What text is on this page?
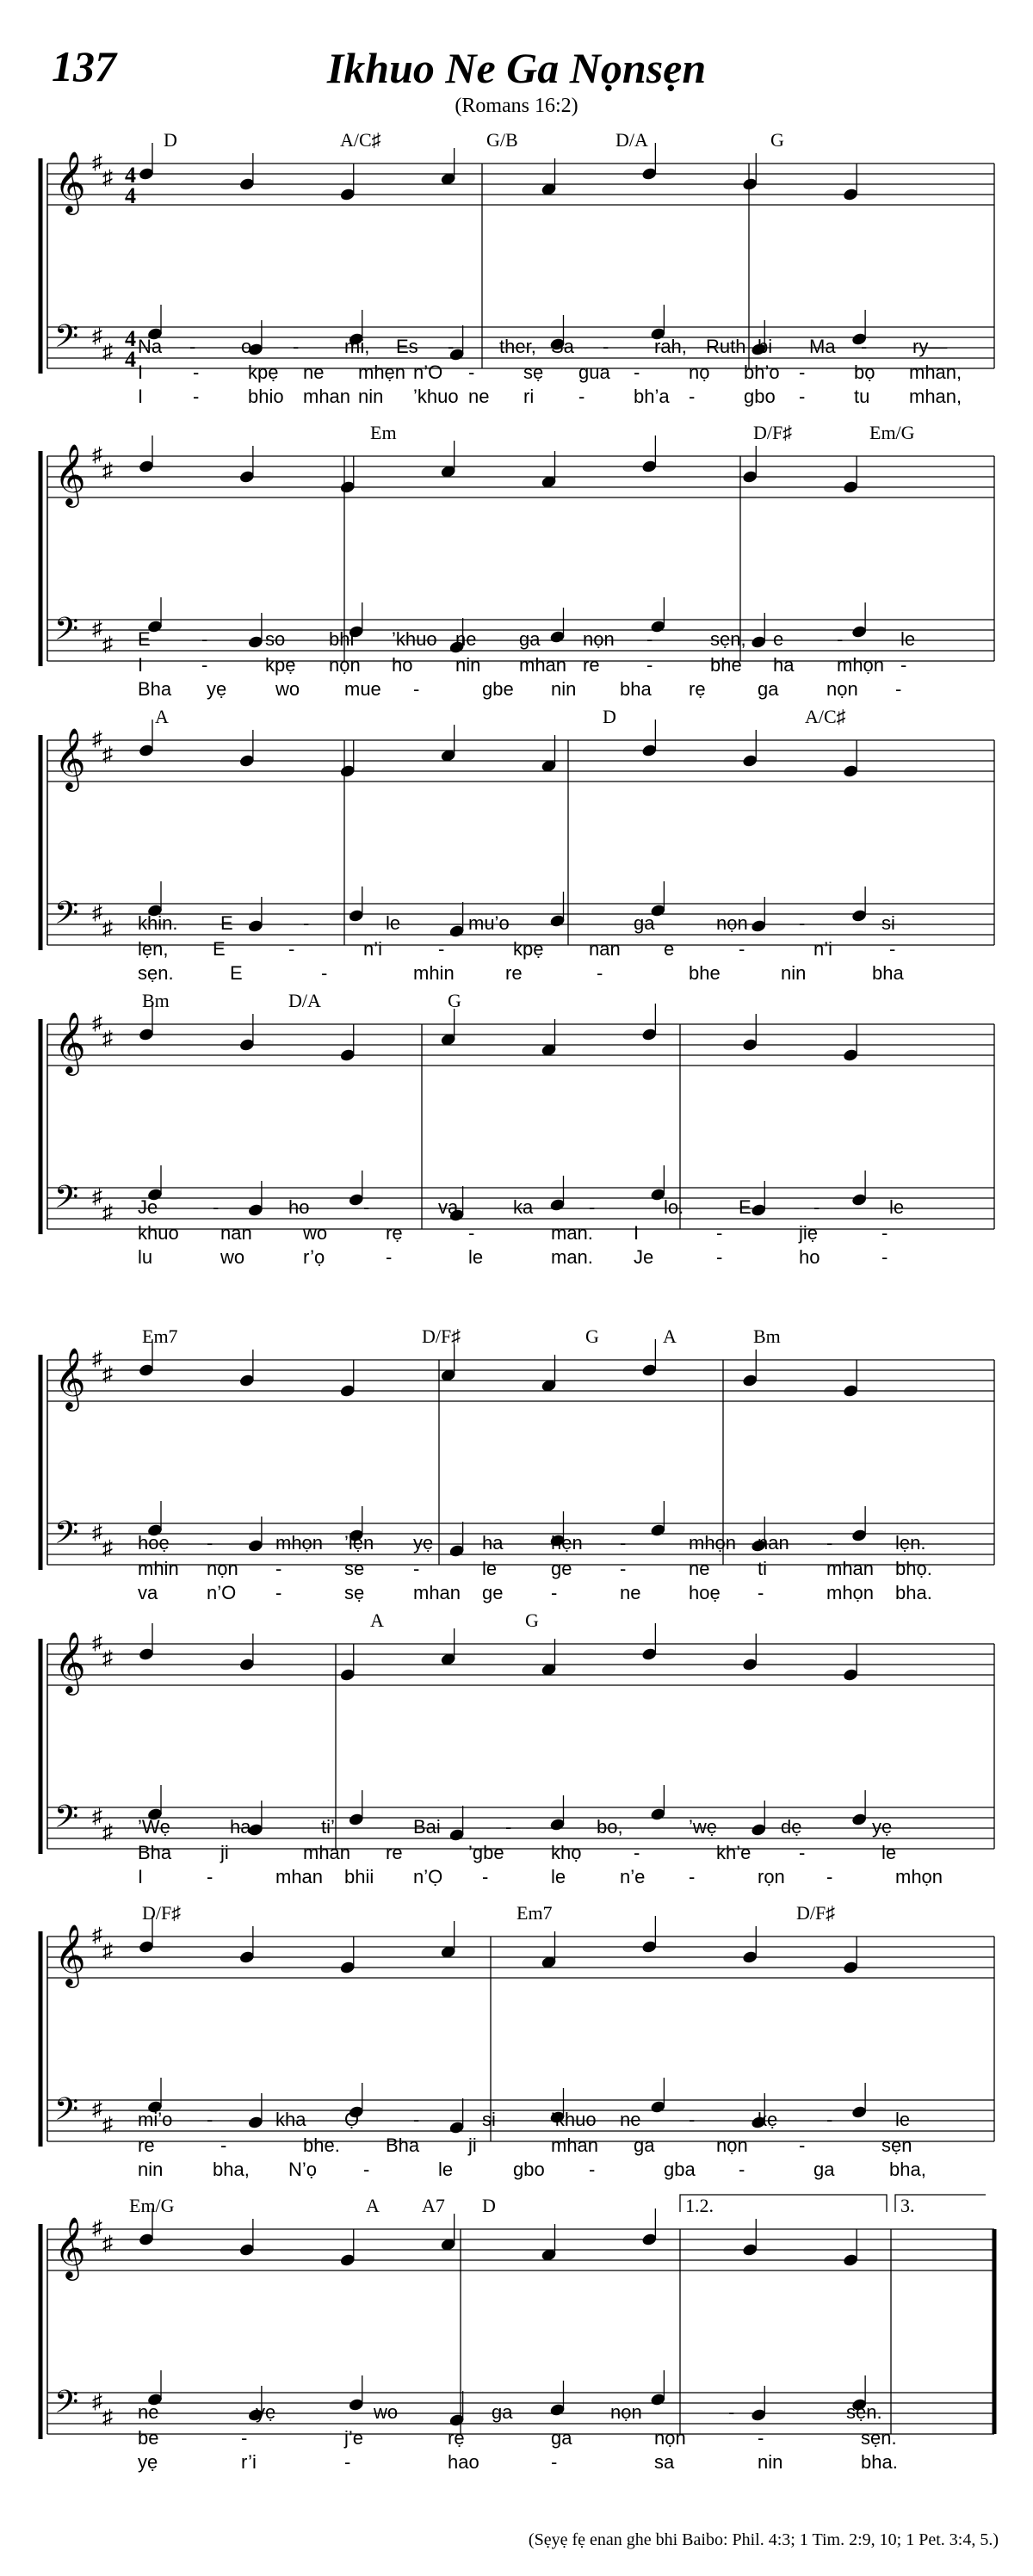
137	Ikhuo Ne Ga Nọnsẹn
(Romans 16:2)
𝄞
𝄢
♯
♯
♯
♯
4
4
4
4
D	A/C♯	G/B	D/A	G
Na - o - mi, Es - ther, Sa - rah, Ruth bi Ma - ry—
I	-	kpẹ ne mhẹn n’O -	sẹ gua -	nọ bh’o -	bọ mhan,
I	-	bhio mhan nin ’khuo ne ri -	bh’a -	gbo -	tu mhan,
𝄞
𝄢
♯
♯
♯
♯
Em	D/F♯	Em/G
E	-	so bhi ’khuo ne ga nọn -	sẹn, e	-	le
I	-	kpẹ nọn ho nin mhan re -	bhe ha mhọn -
Bha yẹ	wo mue -	gbe nin bha rẹ	ga	nọn -
𝄞
𝄢
♯
♯
♯
♯
A	D	A/C♯
khin. E	-	le	mu’o -	ga	nọn	-	si
lẹn, E	-	n’i	-	kpẹ nan e	-	n’i	-
sẹn.	E	-	mhin	re	-	bhe	nin	bha
𝄞
𝄢
♯
♯
♯
♯
Bm	D/A	G
Je	-	ho	-	va	ka	-	lo.	E	-	le
khuo nan	wo	rẹ	-	man. I	-	jiẹ	-
lu	wo	r’ọ	-	le	man. Je	-	ho	-
𝄞
𝄢
♯
♯
♯
♯
Em7	D/F♯	G	A	Bm
hoẹ -	mhọn ’lẹn yẹ	ha	hẹn -	mhọn nan -	lẹn.
mhin nọn -	se	-	le	ge	-	ne	ti	mhan bhọ.
va	n’O -	sẹ	mhan ge	-	ne	hoẹ -	mhọn bha.
𝄞
𝄢
♯
♯
♯
♯
A	G
’Wẹ	ha	ti’	Bai	-	bo,	’wẹ	dẹ	yẹ
Bha	ji	mhan re	’gbe khọ	-	kh’e	-	le
I	-	mhan bhii n’Ọ -	le	n’e -	rọn -	mhọn
𝄞
𝄢
♯
♯
♯
♯
D/F♯	Em7	D/F♯
mi’o -	kha Ọ	-	si	’khuo ne	-	kẹ	-	le
re	-	bhe. Bha	ji	mhan ga	nọn	-	sẹn
nin	bha, N’ọ -	le	gbo -	gba -	ga	bha,
𝄞
𝄢
♯
♯
♯
♯
Em/G	A A7 D
ne	yẹ	wo	ga	nọn	-	sẹn.
be	-	j’e	rẹ	ga	nọn	-	sẹn.
yẹ	r’i	-	hao	-	sa	nin	bha.
1.2.	3.
(Sẹyẹ fẹ enan ghe bhi Baibo: Phil. 4:3; 1 Tim. 2:9, 10; 1 Pet. 3:4, 5.)
